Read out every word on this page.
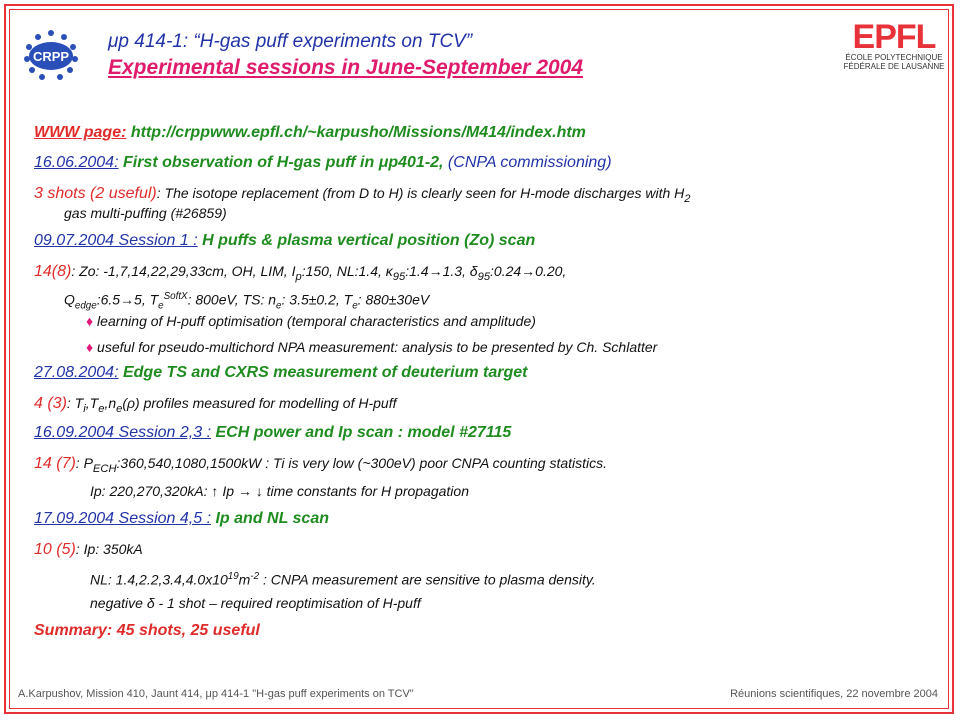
CRPP
EPFL
ÉCOLE POLYTECHNIQUE
FÉDÉRALE DE LAUSANNE
μp 414-1: “H-gas puff experiments on TCV”
Experimental sessions in June-September 2004
WWW page: http://crppwww.epfl.ch/~karpusho/Missions/M414/index.htm
16.06.2004: First observation of H-gas puff in μp401-2, (CNPA commissioning)
3 shots (2 useful): The isotope replacement (from D to H) is clearly seen for H-mode discharges with $H_2$
gas multi-puffing (#26859)
09.07.2004 Session 1 : H puffs & plasma vertical position (Zo) scan
14(8): Zo: -1,7,14,22,29,33cm, OH, LIM, $I_p:150$, NL:1.4, $\kappa_{95}:1.4\to 1.3$, $\delta_{95}:0.24\to 0.20$,
$Q_{edge}:6.5\to 5$, $T_e^{SoftX}$: 800eV, TS: $n_e$: 3.5±0.2, $T_e$: 880±30eV
♦ learning of H-puff optimisation (temporal characteristics and amplitude)
♦ useful for pseudo-multichord NPA measurement: analysis to be presented by Ch. Schlatter
27.08.2004: Edge TS and CXRS measurement of deuterium target
4 (3): $T_i,T_e,n_e(\rho)$ profiles measured for modelling of H-puff
16.09.2004 Session 2,3 : ECH power and Ip scan : model #27115
14 (7): $P_{ECH}:360,540,1080,1500kW$ : Ti is very low (~300eV) poor CNPA counting statistics.
Ip: 220,270,320kA: ↑ Ip → ↓ time constants for H propagation
17.09.2004 Session 4,5 : Ip and NL scan
10 (5): Ip: 350kA
NL: $1.4,2.2,3.4,4.0x10^{19}m^{-2}$ : CNPA measurement are sensitive to plasma density.
negative δ - 1 shot – required reoptimisation of H-puff
Summary: 45 shots, 25 useful
A.Karpushov, Mission 410, Jaunt 414, μp 414-1 "H-gas puff experiments on TCV"	Réunions scientifiques, 22 novembre 2004
